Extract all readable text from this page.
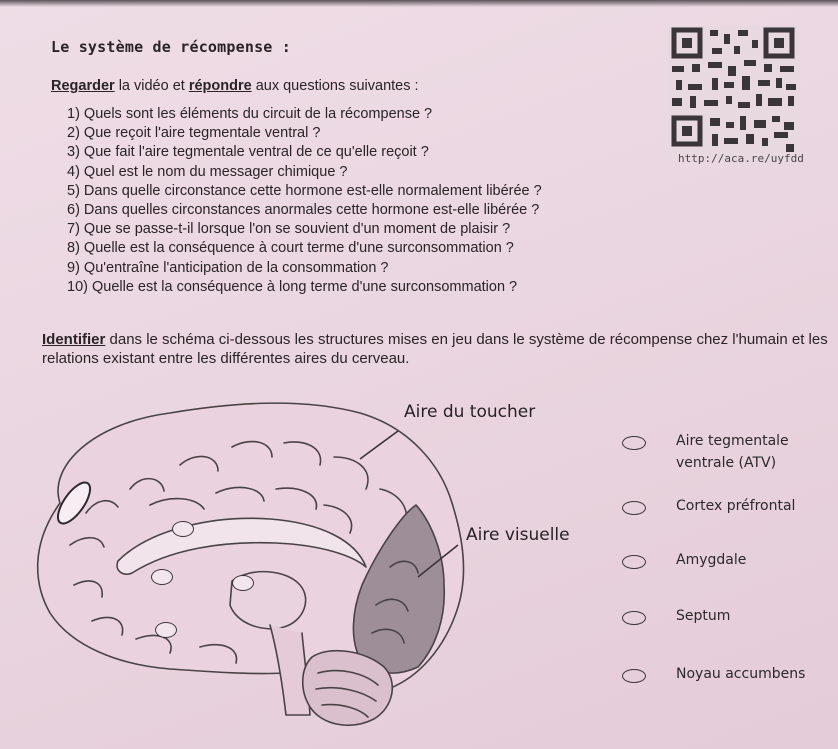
Le système de récompense :
Regarder la vidéo et répondre aux questions suivantes :
1) Quels sont les éléments du circuit de la récompense ?
2) Que reçoit l'aire tegmentale ventral ?
3) Que fait l'aire tegmentale ventral de ce qu'elle reçoit ?
4) Quel est le nom du messager chimique ?
5) Dans quelle circonstance cette hormone est-elle normalement libérée ?
6) Dans quelles circonstances anormales cette hormone est-elle libérée ?
7) Que se passe-t-il lorsque l'on se souvient d'un moment de plaisir ?
8) Quelle est la conséquence à court terme d'une surconsommation ?
9) Qu'entraîne l'anticipation de la consommation ?
10) Quelle est la conséquence à long terme d'une surconsommation ?
http://aca.re/uyfdd
Identifier dans le schéma ci-dessous les structures mises en jeu dans le système de récompense chez l'humain et les relations existant entre les différentes aires du cerveau.
Aire du toucher
Aire visuelle
Aire tegmentale
ventrale (ATV)
Cortex préfrontal
Amygdale
Septum
Noyau accumbens
